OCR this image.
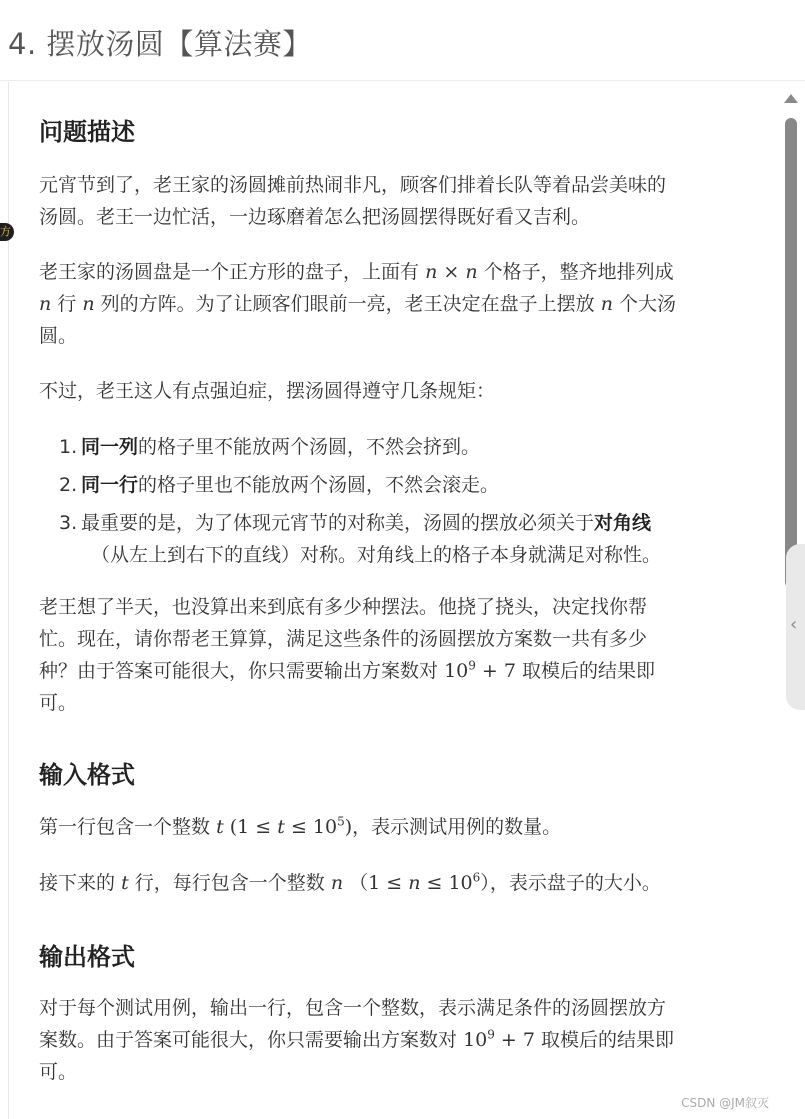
4. 摆放汤圆【算法赛】
方
问题描述
元宵节到了，老王家的汤圆摊前热闹非凡，顾客们排着长队等着品尝美味的
汤圆。老王一边忙活，一边琢磨着怎么把汤圆摆得既好看又吉利。
老王家的汤圆盘是一个正方形的盘子，上面有 n × n 个格子，整齐地排列成
n 行 n 列的方阵。为了让顾客们眼前一亮，老王决定在盘子上摆放 n 个大汤
圆。
不过，老王这人有点强迫症，摆汤圆得遵守几条规矩：
1. 同一列的格子里不能放两个汤圆，不然会挤到。
2. 同一行的格子里也不能放两个汤圆，不然会滚走。
3. 最重要的是，为了体现元宵节的对称美，汤圆的摆放必须关于对角线
（从左上到右下的直线）对称。对角线上的格子本身就满足对称性。
老王想了半天，也没算出来到底有多少种摆法。他挠了挠头，决定找你帮
忙。现在，请你帮老王算算，满足这些条件的汤圆摆放方案数一共有多少
种？由于答案可能很大，你只需要输出方案数对 $10^9 + 7$ 取模后的结果即
可。
输入格式
第一行包含一个整数 t $(1 \le t \le 10^5)$，表示测试用例的数量。
接下来的 t 行，每行包含一个整数 n $(1 \le n \le 10^6)$，表示盘子的大小。
输出格式
对于每个测试用例，输出一行，包含一个整数，表示满足条件的汤圆摆放方
案数。由于答案可能很大，你只需要输出方案数对 $10^9 + 7$ 取模后的结果即
可。
‹
CSDN @JM叙灭
